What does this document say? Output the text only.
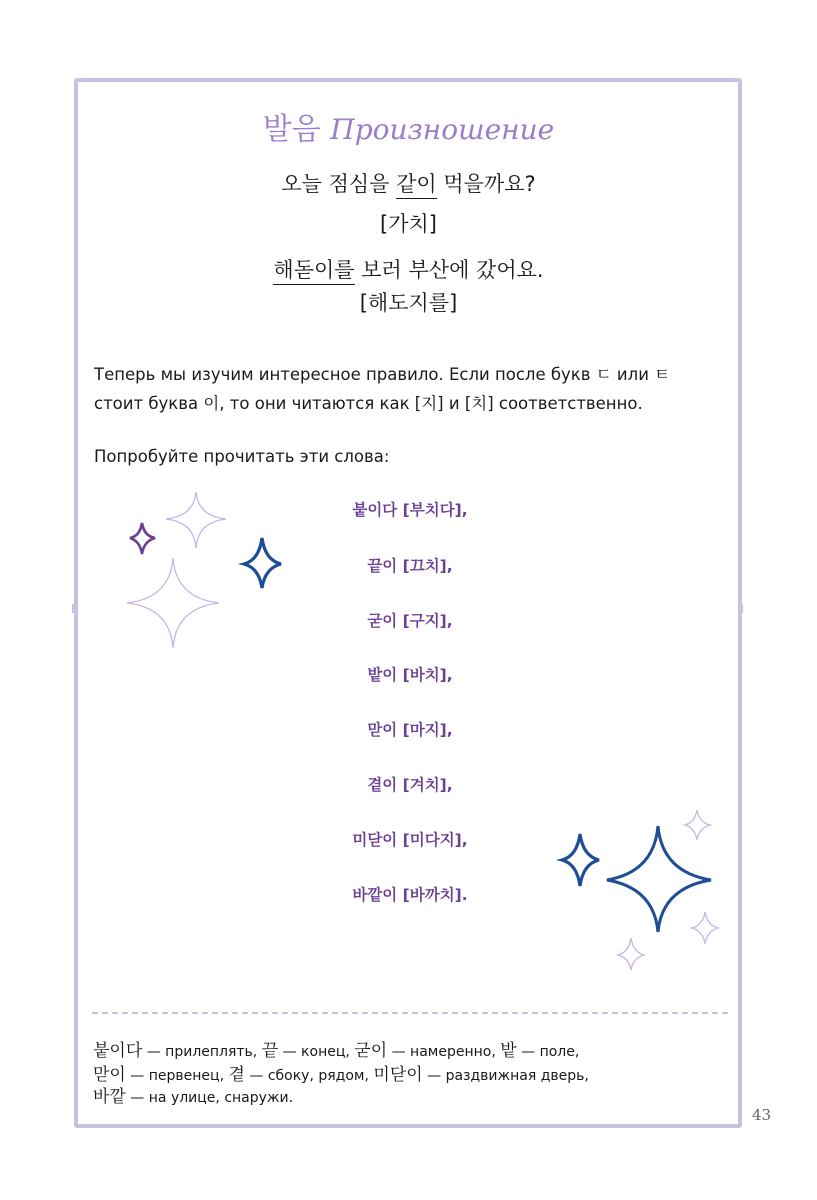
발음 Произношение
오늘 점심을 같이 먹을까요?
[가치]
해돋이를 보러 부산에 갔어요.
[해도지를]
Теперь мы изучим интересное правило. Если после букв ㄷ или ㅌ
стоит буква 이, то они читаются как [지] и [치] соответственно.
Попробуйте прочитать эти слова:
붙이다 [부치다],
끝이 [끄치],
굳이 [구지],
밭이 [바치],
맏이 [마지],
곁이 [겨치],
미닫이 [미다지],
바깥이 [바까치].
붙이다 — прилеплять, 끝 — конец, 굳이 — намеренно, 밭 — поле,
맏이 — первенец, 곁 — сбоку, рядом, 미닫이 — раздвижная дверь,
바깥 — на улице, снаружи.
43
